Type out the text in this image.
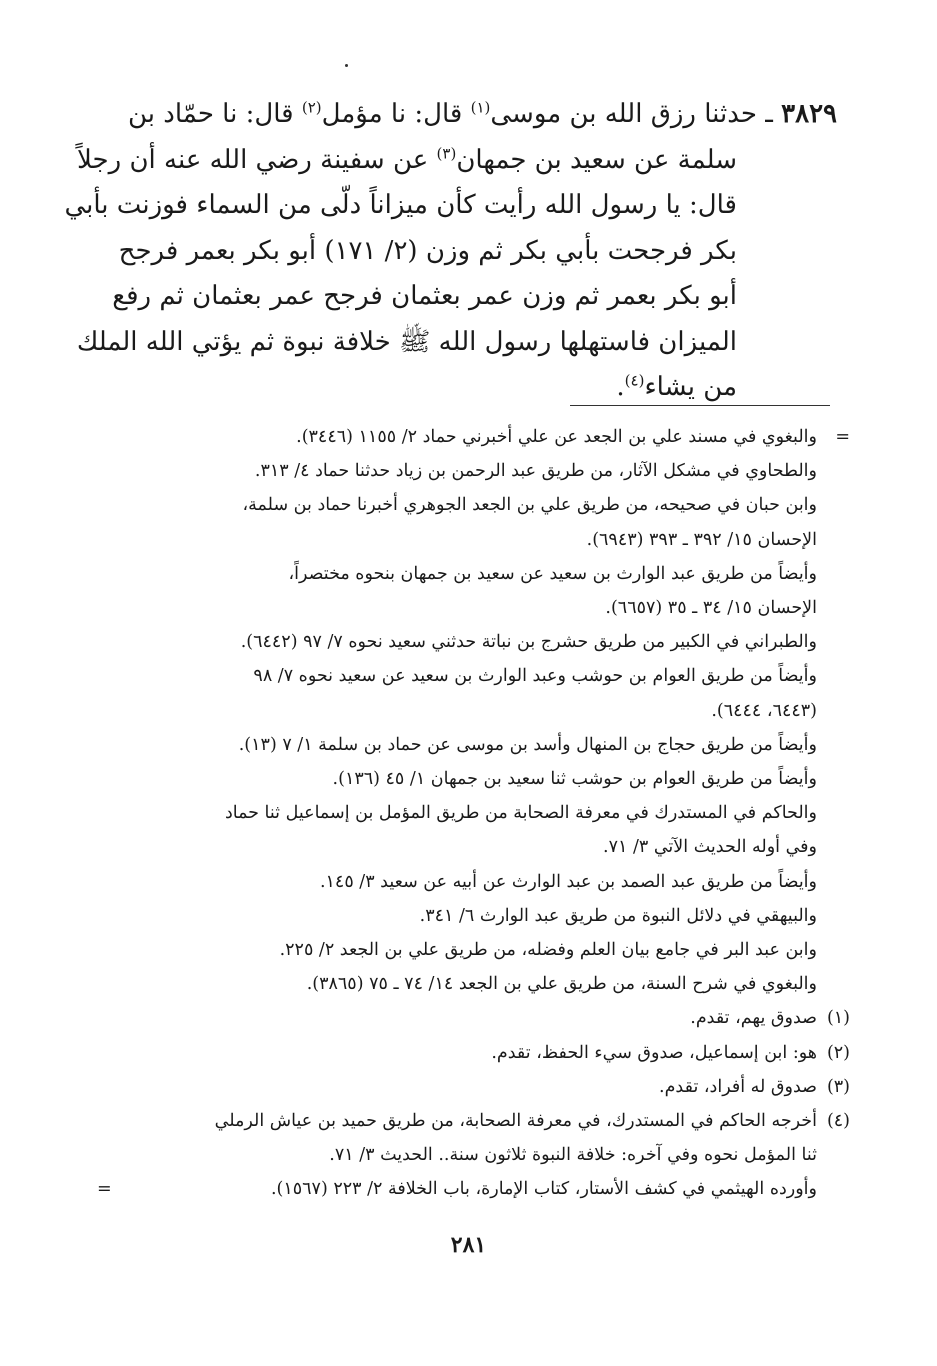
٣٨٢٩ ـ حدثنا رزق الله بن موسى$^{(١)}$ قال: نا مؤمل$^{(٢)}$ قال: نا حمّاد بن
سلمة عن سعيد بن جمهان$^{(٣)}$ عن سفينة رضي الله عنه أن رجلاً
قال: يا رسول الله رأيت كأن ميزاناً دلّى من السماء فوزنت بأبي
بكر فرجحت بأبي بكر ثم وزن (٢/ ١٧١) أبو بكر بعمر فرجح
أبو بكر بعمر ثم وزن عمر بعثمان فرجح عمر بعثمان ثم رفع
الميزان فاستهلها رسول الله ﷺ خلافة نبوة ثم يؤتي الله الملك
من يشاء$^{(٤)}$.
=
والبغوي في مسند علي بن الجعد عن علي أخبرني حماد ٢/ ١١٥٥ (٣٤٤٦).
والطحاوي في مشكل الآثار، من طريق عبد الرحمن بن زياد حدثنا حماد ٤/ ٣١٣.
وابن حبان في صحيحه، من طريق علي بن الجعد الجوهري أخبرنا حماد بن سلمة،
الإحسان ١٥/ ٣٩٢ ـ ٣٩٣ (٦٩٤٣).
وأيضاً من طريق عبد الوارث بن سعيد عن سعيد بن جمهان بنحوه مختصراً،
الإحسان ١٥/ ٣٤ ـ ٣٥ (٦٦٥٧).
والطبراني في الكبير من طريق حشرج بن نباتة حدثني سعيد نحوه ٧/ ٩٧ (٦٤٤٢).
وأيضاً من طريق العوام بن حوشب وعبد الوارث بن سعيد عن سعيد نحوه ٧/ ٩٨
(٦٤٤٣، ٦٤٤٤).
وأيضاً من طريق حجاج بن المنهال وأسد بن موسى عن حماد بن سلمة ١/ ٧ (١٣).
وأيضاً من طريق العوام بن حوشب ثنا سعيد بن جمهان ١/ ٤٥ (١٣٦).
والحاكم في المستدرك في معرفة الصحابة من طريق المؤمل بن إسماعيل ثنا حماد
وفي أوله الحديث الآتي ٣/ ٧١.
وأيضاً من طريق عبد الصمد بن عبد الوارث عن أبيه عن سعيد ٣/ ١٤٥.
والبيهقي في دلائل النبوة من طريق عبد الوارث ٦/ ٣٤١.
وابن عبد البر في جامع بيان العلم وفضله، من طريق علي بن الجعد ٢/ ٢٢٥.
والبغوي في شرح السنة، من طريق علي بن الجعد ١٤/ ٧٤ ـ ٧٥ (٣٨٦٥).
(١)
صدوق يهم، تقدم.
(٢)
هو: ابن إسماعيل، صدوق سيء الحفظ، تقدم.
(٣)
صدوق له أفراد، تقدم.
(٤)
أخرجه الحاكم في المستدرك، في معرفة الصحابة، من طريق حميد بن عياش الرملي
ثنا المؤمل نحوه وفي آخره: خلافة النبوة ثلاثون سنة.. الحديث ٣/ ٧١.
وأورده الهيثمي في كشف الأستار، كتاب الإمارة، باب الخلافة ٢/ ٢٢٣ (١٥٦٧).
=
٢٨١
